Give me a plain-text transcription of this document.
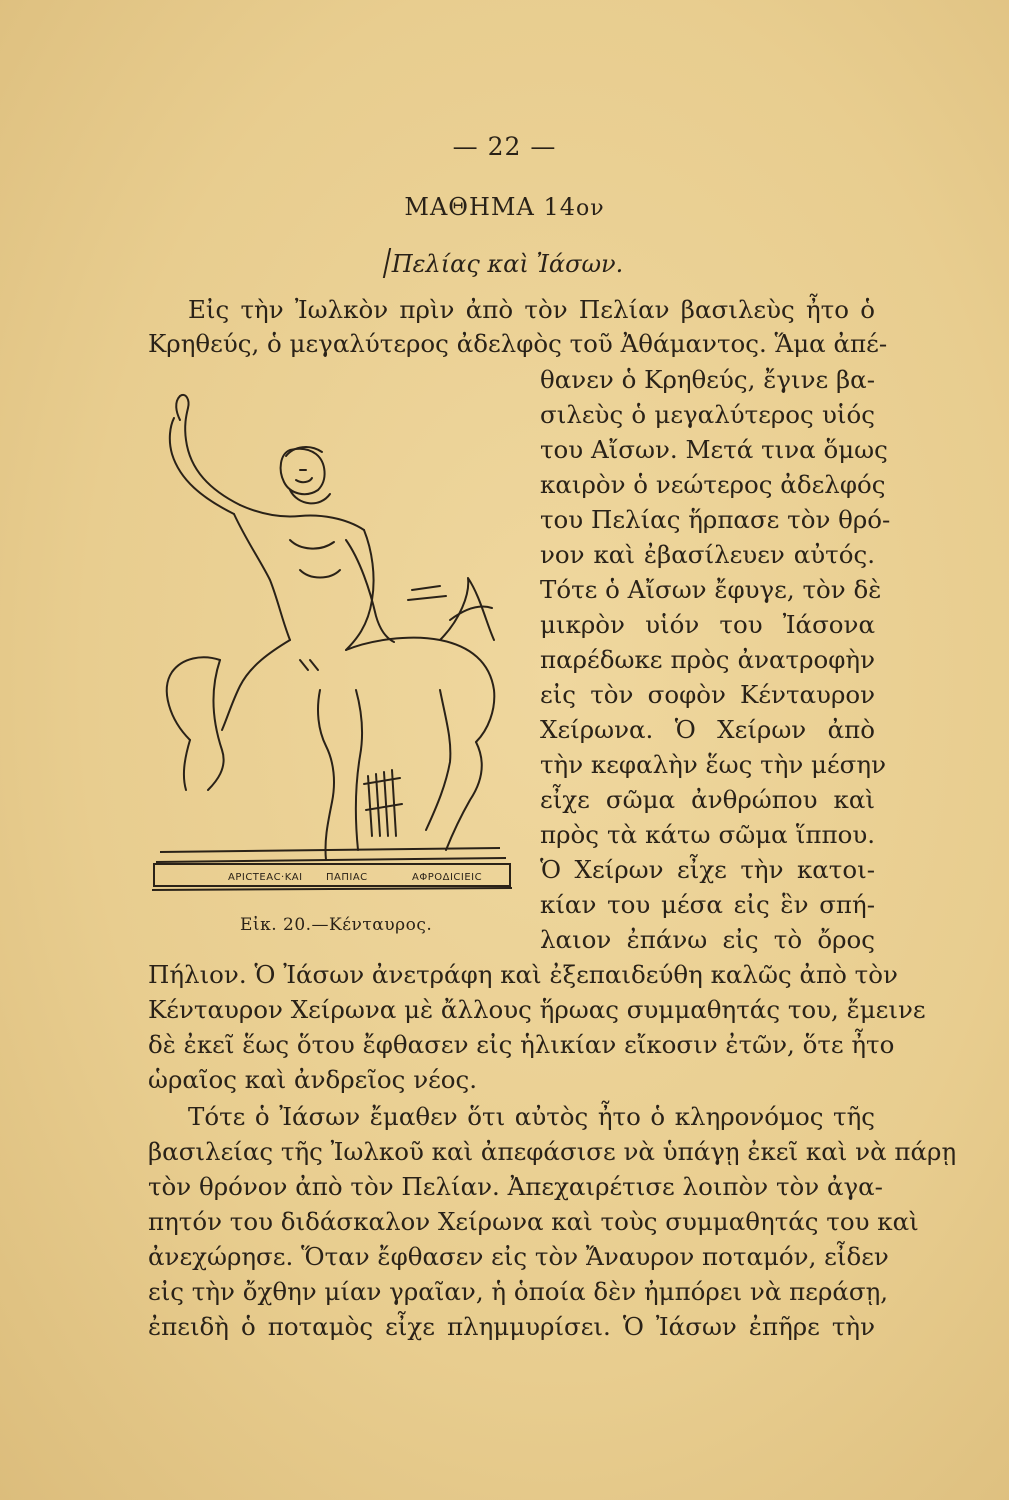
— 22 —
ΜΑΘΗΜΑ 14ον
Πελίας καὶ Ἰάσων.
Εἰς τὴν Ἰωλκὸν πρὶν ἀπὸ τὸν Πελίαν βασιλεὺς ἦτο ὁ
Κρηθεύς, ὁ μεγαλύτερος ἀδελφὸς τοῦ Ἀθάμαντος. Ἅμα ἀπέ-
θανεν ὁ Κρηθεύς, ἔγινε βα-
σιλεὺς ὁ μεγαλύτερος υἱός
του Αἴσων. Μετά τινα ὅμως
καιρὸν ὁ νεώτερος ἀδελφός
του Πελίας ἥρπασε τὸν θρό-
νον καὶ ἐβασίλευεν αὐτός.
Τότε ὁ Αἴσων ἔφυγε, τὸν δὲ
μικρὸν υἱόν του Ἰάσονα
παρέδωκε πρὸς ἀνατροφὴν
εἰς τὸν σοφὸν Κένταυρον
Χείρωνα. Ὁ Χείρων ἀπὸ
τὴν κεφαλὴν ἕως τὴν μέσην
εἶχε σῶμα ἀνθρώπου καὶ
πρὸς τὰ κάτω σῶμα ἵππου.
Ὁ Χείρων εἶχε τὴν κατοι-
κίαν του μέσα εἰς ἓν σπή-
λαιον ἐπάνω εἰς τὸ ὄρος
Πήλιον. Ὁ Ἰάσων ἀνετράφη καὶ ἐξεπαιδεύθη καλῶς ἀπὸ τὸν
Κένταυρον Χείρωνα μὲ ἄλλους ἥρωας συμμαθητάς του, ἔμεινε
δὲ ἐκεῖ ἕως ὅτου ἔφθασεν εἰς ἡλικίαν εἴκοσιν ἐτῶν, ὅτε ἦτο
ὡραῖος καὶ ἀνδρεῖος νέος.
Τότε ὁ Ἰάσων ἔμαθεν ὅτι αὐτὸς ἦτο ὁ κληρονόμος τῆς
βασιλείας τῆς Ἰωλκοῦ καὶ ἀπεφάσισε νὰ ὑπάγῃ ἐκεῖ καὶ νὰ πάρῃ
τὸν θρόνον ἀπὸ τὸν Πελίαν. Ἀπεχαιρέτισε λοιπὸν τὸν ἀγα-
πητόν του διδάσκαλον Χείρωνα καὶ τοὺς συμμαθητάς του καὶ
ἀνεχώρησε. Ὅταν ἔφθασεν εἰς τὸν Ἄναυρον ποταμόν, εἶδεν
εἰς τὴν ὄχθην μίαν γραῖαν, ἡ ὁποία δὲν ἠμπόρει νὰ περάσῃ,
ἐπειδὴ ὁ ποταμὸς εἶχε πλημμυρίσει. Ὁ Ἰάσων ἐπῆρε τὴν
ΑΡΙϹΤΕΑϹ·ΚΑΙ ΠΑΠΙΑϹ	ΑΦΡΟΔΙϹΙΕΙϹ
Εἰκ. 20.—Κένταυρος.
